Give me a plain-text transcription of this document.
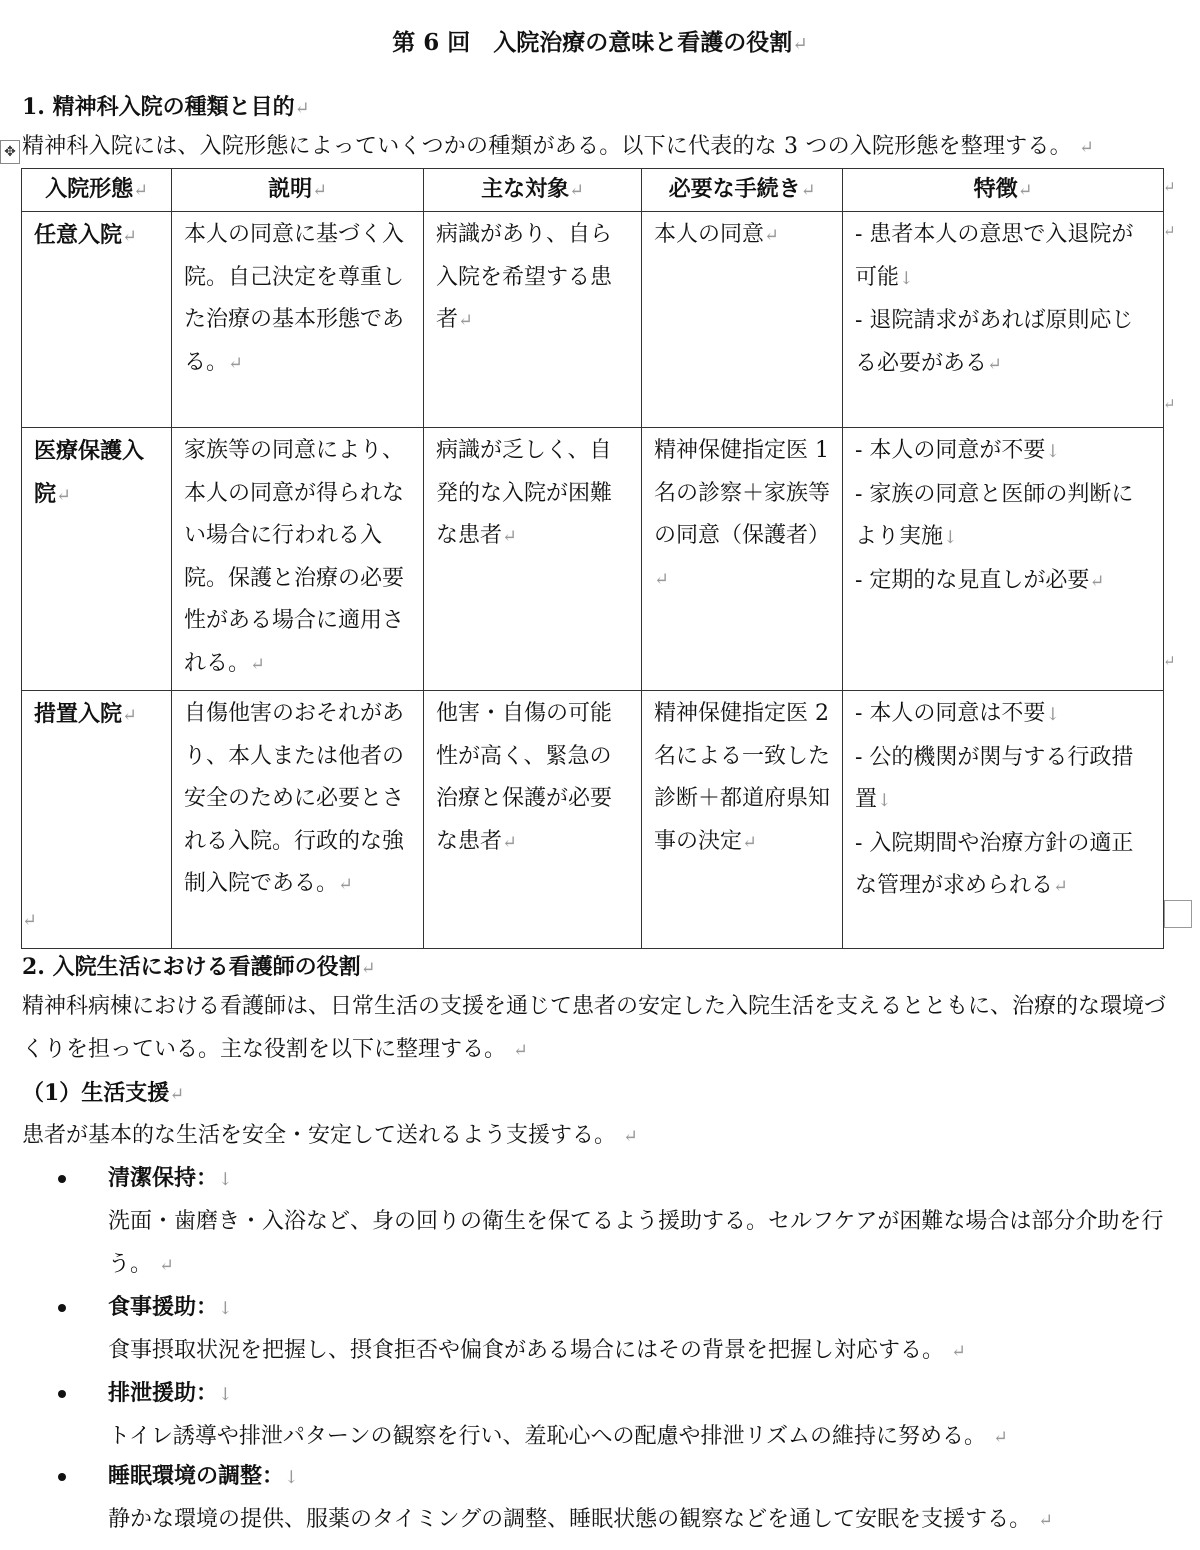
第 6 回　入院治療の意味と看護の役割↵
1. 精神科入院の種類と目的↵
✥ 精神科入院には、入院形態によっていくつかの種類がある。以下に代表的な 3 つの入院形態を整理する。 ↵
入院形態↵	説明↵	主な対象↵	必要な手続き↵	特徴↵
任意入院↵	本人の同意に基づく入院。自己決定を尊重した治療の基本形態である。↵	病識があり、自ら入院を希望する患者↵	本人の同意↵	- 患者本人の意思で入退院が可能↓
- 退院請求があれば原則応じる必要がある↵

医療保護入院↵	家族等の同意により、本人の同意が得られない場合に行われる入院。保護と治療の必要性がある場合に適用される。↵	病識が乏しく、自発的な入院が困難な患者↵	精神保健指定医 1 名の診察＋家族等の同意（保護者）↵	- 本人の同意が不要↓
- 家族の同意と医師の判断により実施↓
- 定期的な見直しが必要↵

措置入院↵	自傷他害のおそれがあり、本人または他者の安全のために必要とされる入院。行政的な強制入院である。↵	他害・自傷の可能性が高く、緊急の治療と保護が必要な患者↵	精神保健指定医 2 名による一致した診断＋都道府県知事の決定↵	- 本人の同意は不要↓
- 公的機関が関与する行政措置↓
- 入院期間や治療方針の適正な管理が求められる↵
↵
↵
↵
↵
↵
2. 入院生活における看護師の役割↵
精神科病棟における看護師は、日常生活の支援を通じて患者の安定した入院生活を支えるとともに、治療的な環境づくりを担っている。主な役割を以下に整理する。 ↵
（1）生活支援↵
患者が基本的な生活を安全・安定して送れるよう支援する。 ↵
清潔保持：↓
洗面・歯磨き・入浴など、身の回りの衛生を保てるよう援助する。セルフケアが困難な場合は部分介助を行う。 ↵
食事援助：↓
食事摂取状況を把握し、摂食拒否や偏食がある場合にはその背景を把握し対応する。 ↵
排泄援助：↓
トイレ誘導や排泄パターンの観察を行い、羞恥心への配慮や排泄リズムの維持に努める。 ↵
睡眠環境の調整：↓
静かな環境の提供、服薬のタイミングの調整、睡眠状態の観察などを通して安眠を支援する。 ↵
